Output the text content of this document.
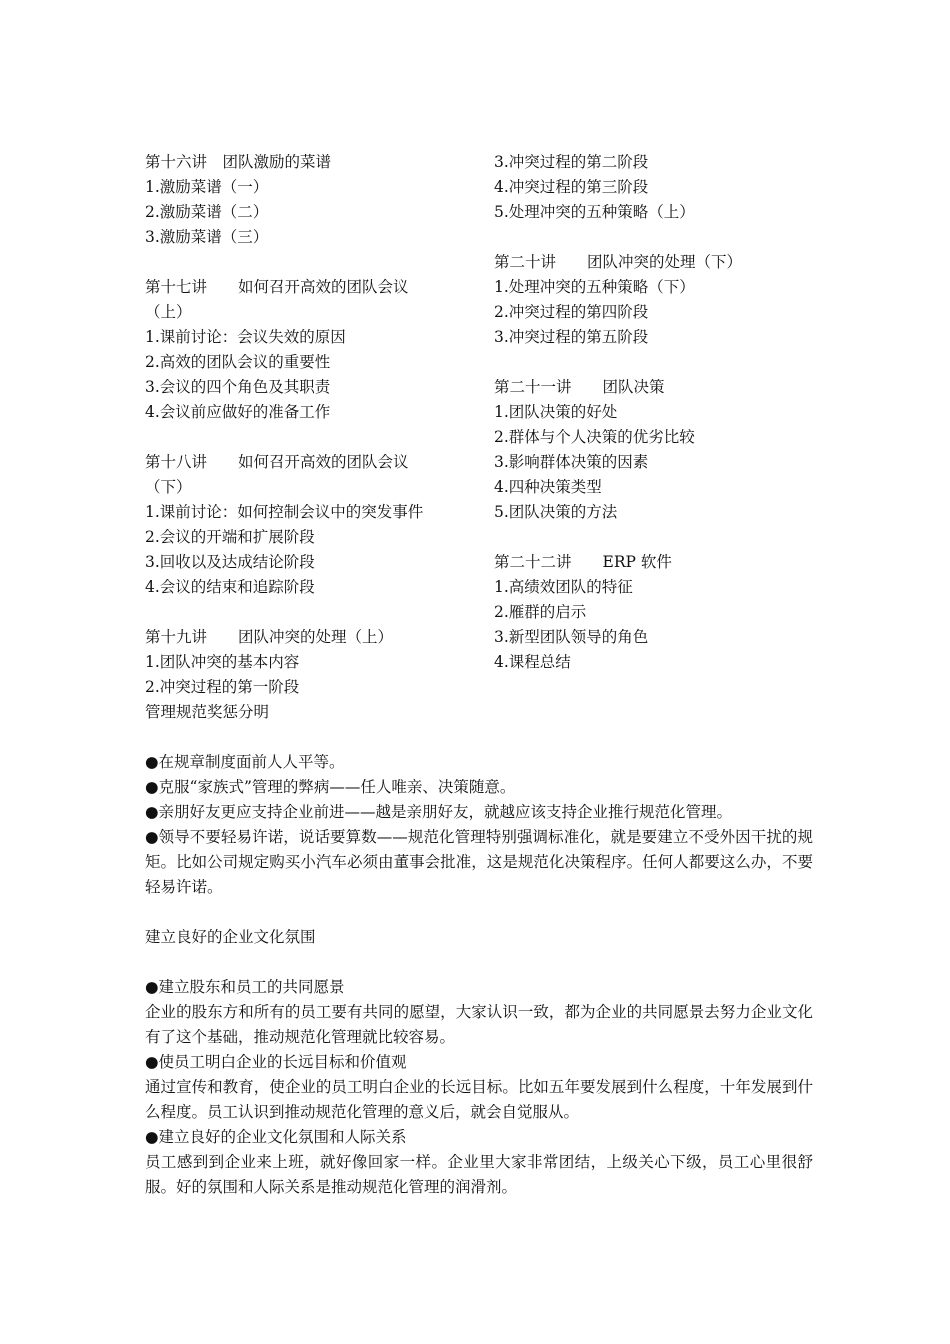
第十六讲　团队激励的菜谱
1.激励菜谱（一）
2.激励菜谱（二）
3.激励菜谱（三）
第十七讲　　如何召开高效的团队会议
（上）
1.课前讨论：会议失效的原因
2.高效的团队会议的重要性
3.会议的四个角色及其职责
4.会议前应做好的准备工作
第十八讲　　如何召开高效的团队会议
（下）
1.课前讨论：如何控制会议中的突发事件
2.会议的开端和扩展阶段
3.回收以及达成结论阶段
4.会议的结束和追踪阶段
第十九讲　　团队冲突的处理（上）
1.团队冲突的基本内容
2.冲突过程的第一阶段
3.冲突过程的第二阶段
4.冲突过程的第三阶段
5.处理冲突的五种策略（上）
第二十讲　　团队冲突的处理（下）
1.处理冲突的五种策略（下）
2.冲突过程的第四阶段
3.冲突过程的第五阶段
第二十一讲　　团队决策
1.团队决策的好处
2.群体与个人决策的优劣比较
3.影响群体决策的因素
4.四种决策类型
5.团队决策的方法
第二十二讲　　ERP 软件
1.高绩效团队的特征
2.雁群的启示
3.新型团队领导的角色
4.课程总结
管理规范奖惩分明
●在规章制度面前人人平等。
●克服“家族式”管理的弊病——任人唯亲、决策随意。
●亲朋好友更应支持企业前进——越是亲朋好友，就越应该支持企业推行规范化管理。
●领导不要轻易许诺，说话要算数——规范化管理特别强调标准化，就是要建立不受外因干扰的规矩。比如公司规定购买小汽车必须由董事会批准，这是规范化决策程序。任何人都要这么办，不要轻易许诺。
建立良好的企业文化氛围
●建立股东和员工的共同愿景
企业的股东方和所有的员工要有共同的愿望，大家认识一致，都为企业的共同愿景去努力企业文化有了这个基础，推动规范化管理就比较容易。
●使员工明白企业的长远目标和价值观
通过宣传和教育，使企业的员工明白企业的长远目标。比如五年要发展到什么程度，十年发展到什么程度。员工认识到推动规范化管理的意义后，就会自觉服从。
●建立良好的企业文化氛围和人际关系
员工感到到企业来上班，就好像回家一样。企业里大家非常团结，上级关心下级，员工心里很舒服。好的氛围和人际关系是推动规范化管理的润滑剂。
